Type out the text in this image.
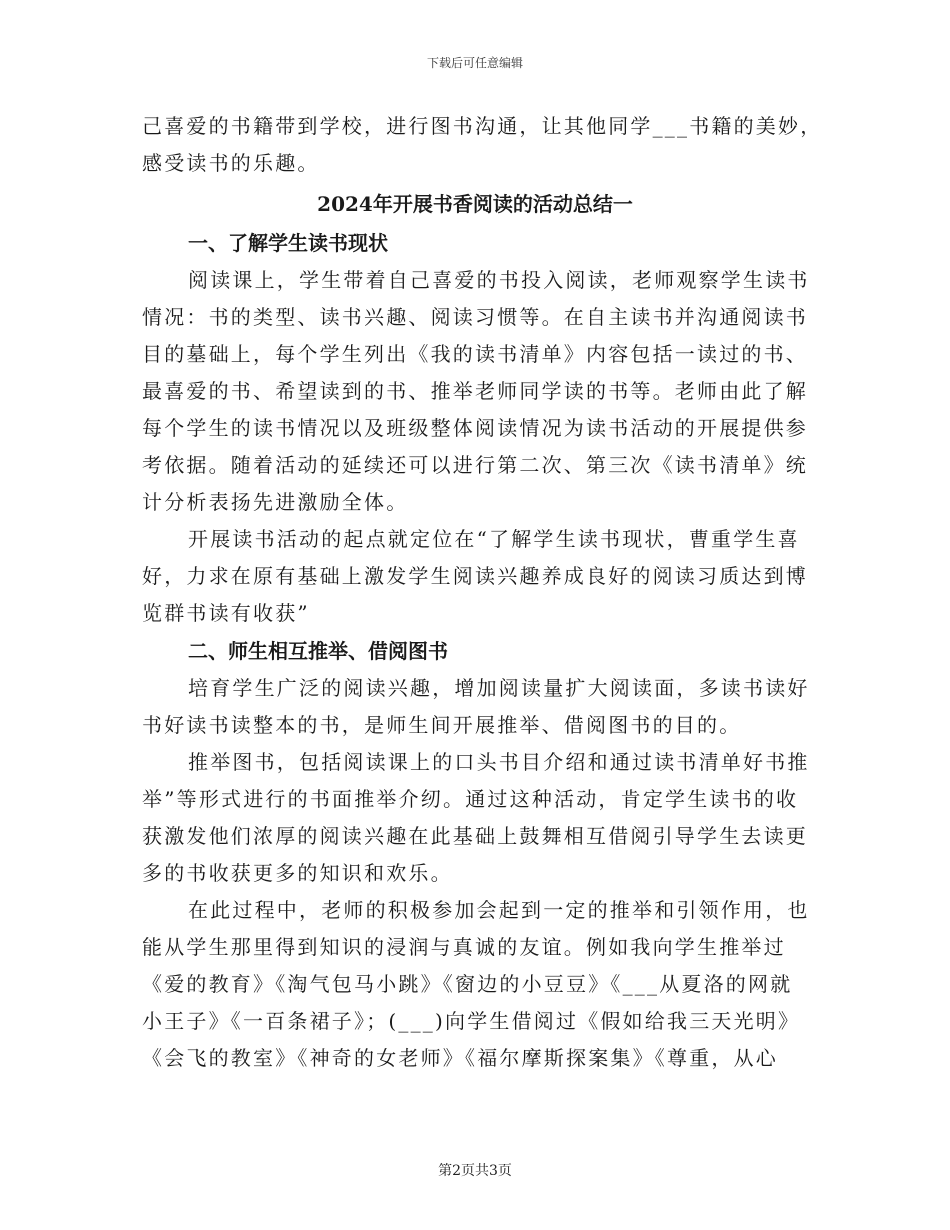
下载后可任意编辑
己喜爱的书籍带到学校，进行图书沟通，让其他同学___书籍的美妙，
感受读书的乐趣。
2024年开展书香阅读的活动总结一
一、了解学生读书现状
阅读课上，学生带着自己喜爱的书投入阅读，老师观察学生读书
情况：书的类型、读书兴趣、阅读习惯等。在自主读书并沟通阅读书
目的墓础上，每个学生列出《我的读书清单》内容包括一读过的书、
最喜爱的书、希望读到的书、推举老师同学读的书等。老师由此了解
每个学生的读书情况以及班级整体阅读情况为读书活动的开展提供参
考依据。随着活动的延续还可以进行第二次、第三次《读书清单》统
计分析表扬先进激励全体。
开展读书活动的起点就定位在“了解学生读书现状，曹重学生喜
好，力求在原有基础上激发学生阅读兴趣养成良好的阅读习质达到博
览群书读有收获”
二、师生相互推举、借阅图书
培育学生广泛的阅读兴趣，增加阅读量扩大阅读面，多读书读好
书好读书读整本的书，是师生间开展推举、借阅图书的目的。
推举图书，包括阅读课上的口头书目介绍和通过读书清单好书推
举”等形式进行的书面推举介纫。通过这种活动，肯定学生读书的收
获激发他们浓厚的阅读兴趣在此基础上鼓舞相互借阅引导学生去读更
多的书收获更多的知识和欢乐。
在此过程中，老师的积极参加会起到一定的推举和引领作用，也
能从学生那里得到知识的浸润与真诚的友谊。例如我向学生推举过
《爱的教育》《淘气包马小跳》《窗边的小豆豆》《___从夏洛的网就
小王子》《一百条裙子》；(___)向学生借阅过《假如给我三天光明》
《会飞的教室》《神奇的女老师》《福尔摩斯探案集》《尊重，从心
第2页共3页
